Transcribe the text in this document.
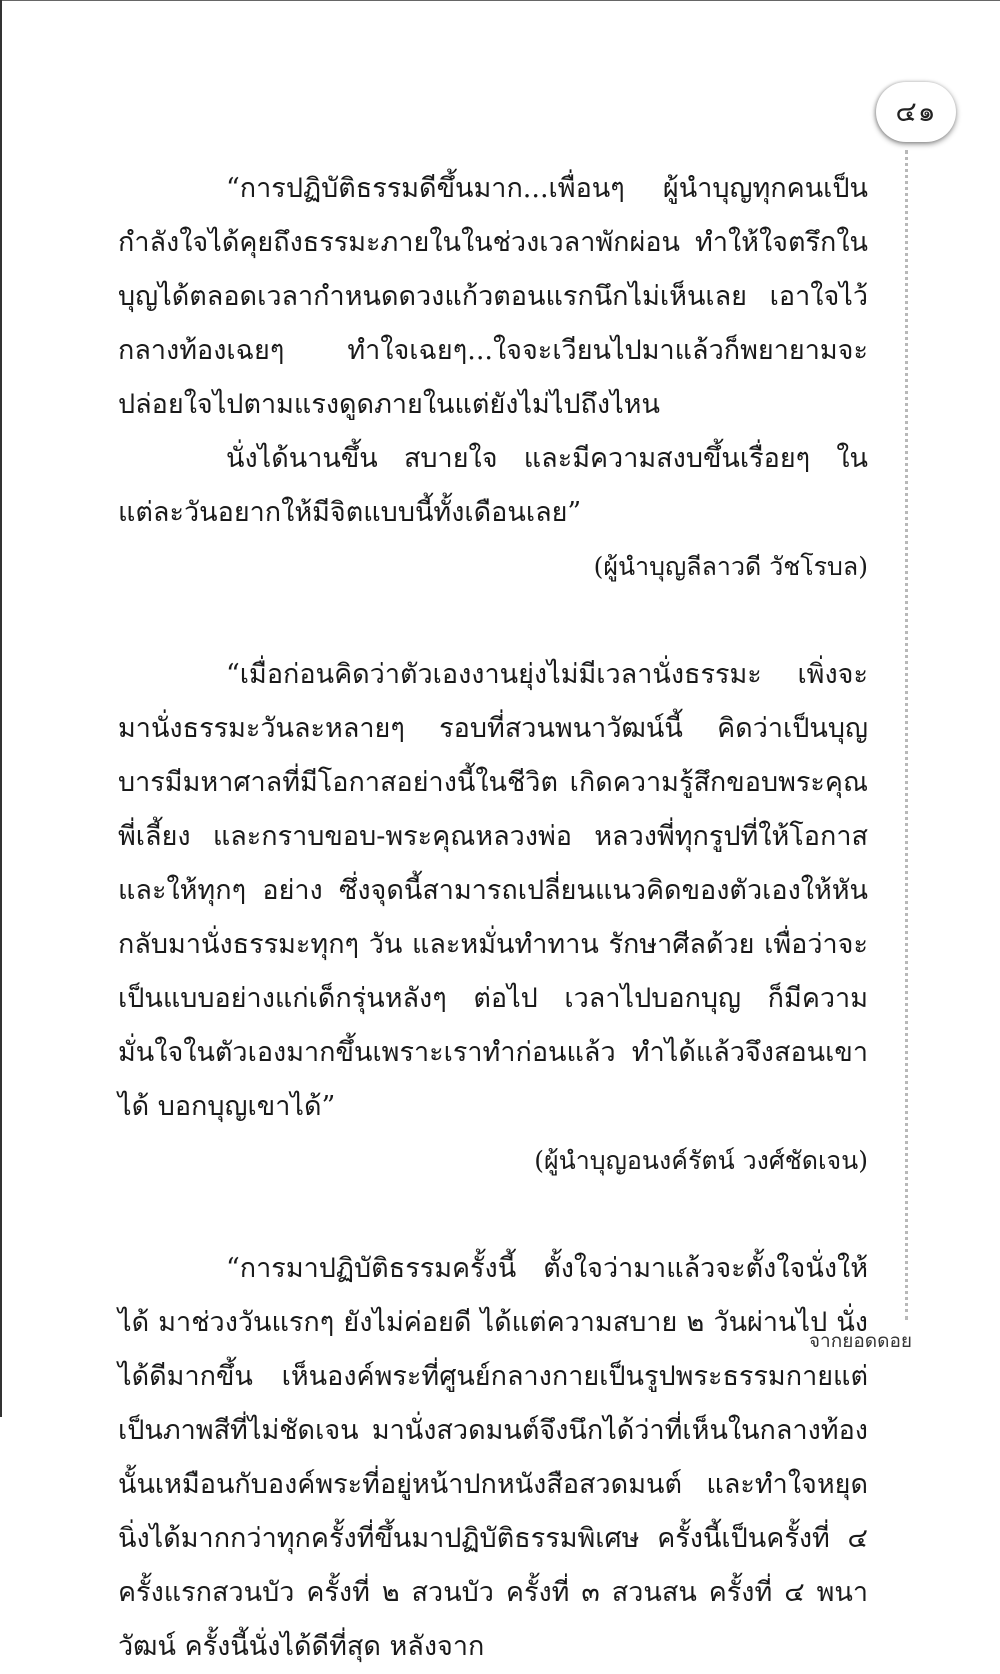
๔๑

“การปฏิบัติธรรมดีขึ้นมาก...เพื่อนๆ ผู้นำบุญทุกคนเป็นกำลังใจได้คุยถึงธรรมะภายในในช่วงเวลาพักผ่อน ทำให้ใจตรึกในบุญได้ตลอดเวลากำหนดดวงแก้วตอนแรกนึกไม่เห็นเลย เอาใจไว้กลางท้องเฉยๆ ทำใจเฉยๆ...ใจจะเวียนไปมาแล้วก็พยายามจะปล่อยใจไปตามแรงดูดภายในแต่ยังไม่ไปถึงไหน

นั่งได้นานขึ้น สบายใจ และมีความสงบขึ้นเรื่อยๆ ในแต่ละวันอยากให้มีจิตแบบนี้ทั้งเดือนเลย”

(ผู้นำบุญลีลาวดี วัชโรบล)

“เมื่อก่อนคิดว่าตัวเองงานยุ่งไม่มีเวลานั่งธรรมะ เพิ่งจะมานั่งธรรมะวันละหลายๆ รอบที่สวนพนาวัฒน์นี้ คิดว่าเป็นบุญบารมีมหาศาลที่มีโอกาสอย่างนี้ในชีวิต เกิดความรู้สึกขอบพระคุณพี่เลี้ยง และกราบขอบ-พระคุณหลวงพ่อ หลวงพี่ทุกรูปที่ให้โอกาสและให้ทุกๆ อย่าง ซึ่งจุดนี้สามารถเปลี่ยนแนวคิดของตัวเองให้หันกลับมานั่งธรรมะทุกๆ วัน และหมั่นทำทาน รักษาศีลด้วย เพื่อว่าจะเป็นแบบอย่างแก่เด็กรุ่นหลังๆ ต่อไป เวลาไปบอกบุญ ก็มีความมั่นใจในตัวเองมากขึ้นเพราะเราทำก่อนแล้ว ทำได้แล้วจึงสอนเขาได้ บอกบุญเขาได้”

(ผู้นำบุญอนงค์รัตน์ วงศ์ชัดเจน)

“การมาปฏิบัติธรรมครั้งนี้ ตั้งใจว่ามาแล้วจะตั้งใจนั่งให้ได้ มาช่วงวันแรกๆ ยังไม่ค่อยดี ได้แต่ความสบาย ๒ วันผ่านไป นั่งได้ดีมากขึ้น เห็นองค์พระที่ศูนย์กลางกายเป็นรูปพระธรรมกายแต่เป็นภาพสีที่ไม่ชัดเจน มานั่งสวดมนต์จึงนึกได้ว่าที่เห็นในกลางท้องนั้นเหมือนกับองค์พระที่อยู่หน้าปกหนังสือสวดมนต์ และทำใจหยุดนิ่งได้มากกว่าทุกครั้งที่ขึ้นมาปฏิบัติธรรมพิเศษ ครั้งนี้เป็นครั้งที่ ๔ ครั้งแรกสวนบัว ครั้งที่ ๒ สวนบัว ครั้งที่ ๓ สวนสน ครั้งที่ ๔ พนาวัฒน์ ครั้งนี้นั่งได้ดีที่สุด หลังจาก

จากยอดดอย
